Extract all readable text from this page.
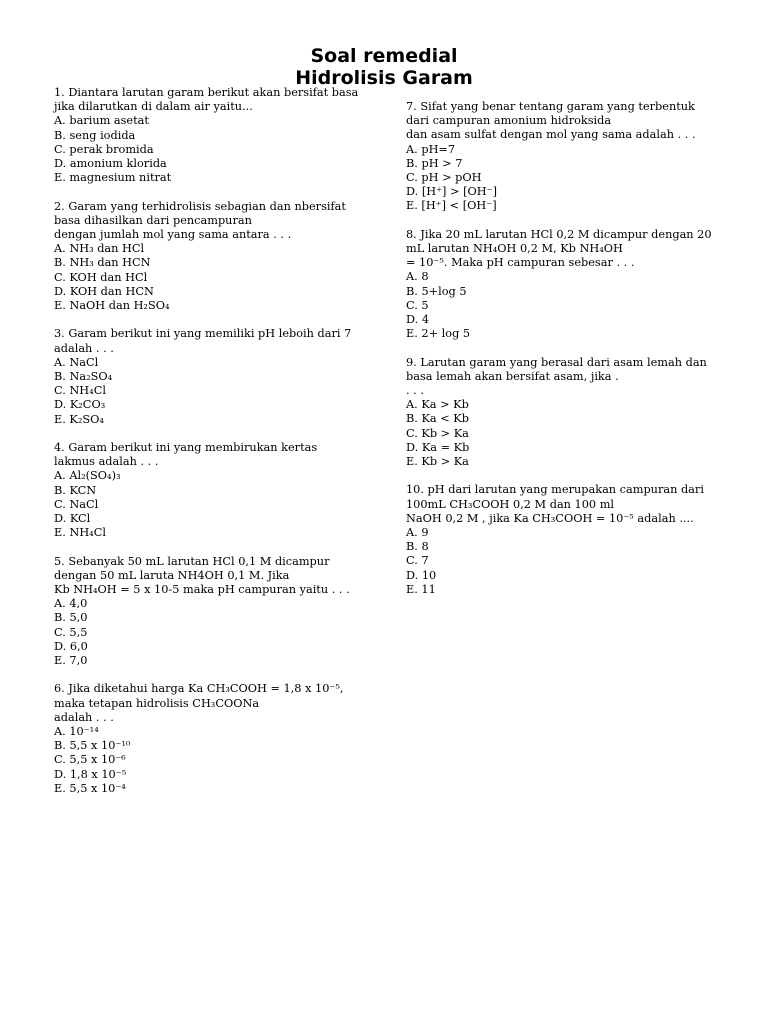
Soal remedial
Hidrolisis Garam

1. Diantara larutan garam berikut akan bersifat basa

jika dilarutkan di dalam air yaitu...

A. barium asetat

B. seng iodida

C. perak bromida

D. amonium klorida

E. magnesium nitrat

2. Garam yang terhidrolisis sebagian dan nbersifat

basa dihasilkan dari pencampuran

dengan jumlah mol yang sama antara . . .

A. NH₃ dan HCl

B. NH₃ dan HCN

C. KOH dan HCl

D. KOH dan HCN

E. NaOH dan H₂SO₄

3. Garam berikut ini yang memiliki pH leboih dari 7

adalah . . .

A. NaCl

B. Na₂SO₄

C. NH₄Cl

D. K₂CO₃

E. K₂SO₄

4. Garam berikut ini yang membirukan kertas

lakmus adalah . . .

A. Al₂(SO₄)₃

B. KCN

C. NaCl

D. KCl

E. NH₄Cl

5. Sebanyak 50 mL larutan HCl 0,1 M dicampur

dengan 50 mL laruta NH4OH 0,1 M. Jika

Kb NH₄OH = 5 x 10-5 maka pH campuran yaitu . . .

A. 4,0

B. 5,0

C. 5,5

D. 6,0

E. 7,0

6. Jika diketahui harga Ka CH₃COOH = 1,8 x 10⁻⁵,

maka tetapan hidrolisis CH₃COONa

adalah . . .

A. 10⁻¹⁴

B. 5,5 x 10⁻¹⁰

C. 5,5 x 10⁻⁶

D. 1,8 x 10⁻⁵

E. 5,5 x 10⁻⁴

7. Sifat yang benar tentang garam yang terbentuk

dari campuran amonium hidroksida

dan asam sulfat dengan mol yang sama adalah . . .

A. pH=7

B. pH > 7

C. pH > pOH

D. [H⁺] > [OH⁻]

E. [H⁺] < [OH⁻]

8. Jika 20 mL larutan HCl 0,2 M dicampur dengan 20

mL larutan NH₄OH 0,2 M, Kb NH₄OH

= 10⁻⁵. Maka pH campuran sebesar . . .

A. 8

B. 5+log 5

C. 5

D. 4

E. 2+ log 5

9. Larutan garam yang berasal dari asam lemah dan

basa lemah akan bersifat asam, jika .

. . .

A. Ka > Kb

B. Ka < Kb

C. Kb > Ka

D. Ka = Kb

E. Kb > Ka

10. pH dari larutan yang merupakan campuran dari

100mL CH₃COOH 0,2 M dan 100 ml

NaOH 0,2 M , jika Ka CH₃COOH = 10⁻⁵ adalah ....

A. 9

B. 8

C. 7

D. 10

E. 11
